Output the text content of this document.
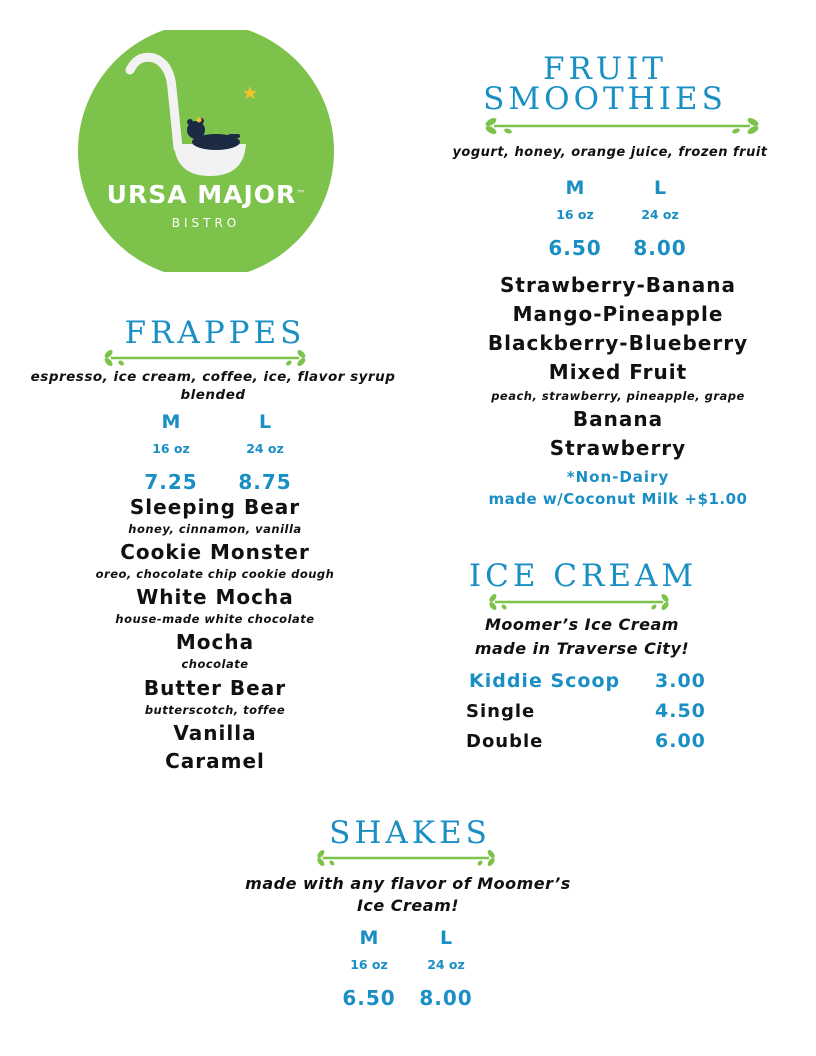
URSA MAJOR™
BISTRO
FRUIT
SMOOTHIES
yogurt, honey, orange juice, frozen fruit
M
16 oz
6.50
L
24 oz
8.00
Strawberry-Banana
Mango-Pineapple
Blackberry-Blueberry
Mixed Fruit
peach, strawberry, pineapple, grape
Banana
Strawberry
*Non-Dairy
made w/Coconut Milk +$1.00
FRAPPES
espresso, ice cream, coffee, ice, flavor syrup
blended
M
16 oz
7.25
L
24 oz
8.75
Sleeping Bear
honey, cinnamon, vanilla
Cookie Monster
oreo, chocolate chip cookie dough
White Mocha
house-made white chocolate
Mocha
chocolate
Butter Bear
butterscotch, toffee
Vanilla
Caramel
ICE CREAM
Moomer’s Ice Cream
made in Traverse City!
Kiddie Scoop 3.00
Single	4.50
Double	6.00
SHAKES
made with any flavor of Moomer’s
Ice Cream!
M
16 oz
6.50
L
24 oz
8.00
